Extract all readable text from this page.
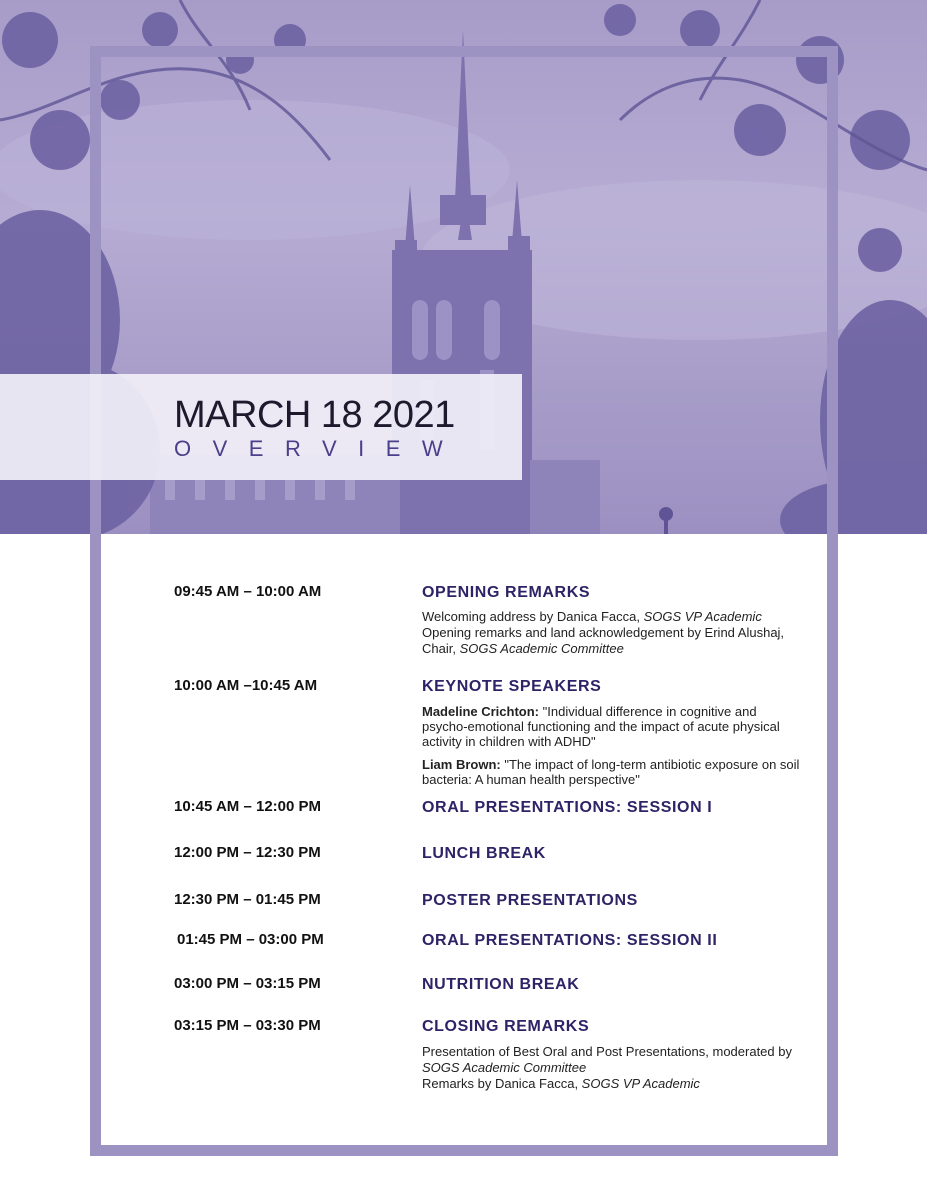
MARCH 18 2021
OVERVIEW
09:45 AM – 10:00 AM	OPENING REMARKS

Welcoming address by Danica Facca, SOGS VP Academic

Opening remarks and land acknowledgement by Erind Alushaj, Chair, SOGS Academic Committee

10:00 AM –10:45 AM	KEYNOTE SPEAKERS

Madeline Crichton: "Individual difference in cognitive and psycho-emotional functioning and the impact of acute physical activity in children with ADHD"

Liam Brown: "The impact of long-term antibiotic exposure on soil bacteria: A human health perspective"

10:45 AM – 12:00 PM	ORAL PRESENTATIONS: SESSION I
12:00 PM – 12:30 PM	LUNCH BREAK
12:30 PM – 01:45 PM	POSTER PRESENTATIONS
01:45 PM – 03:00 PM	ORAL PRESENTATIONS: SESSION II
03:00 PM – 03:15 PM	NUTRITION BREAK
03:15 PM – 03:30 PM	CLOSING REMARKS

Presentation of Best Oral and Post Presentations, moderated by SOGS Academic Committee

Remarks by Danica Facca, SOGS VP Academic
